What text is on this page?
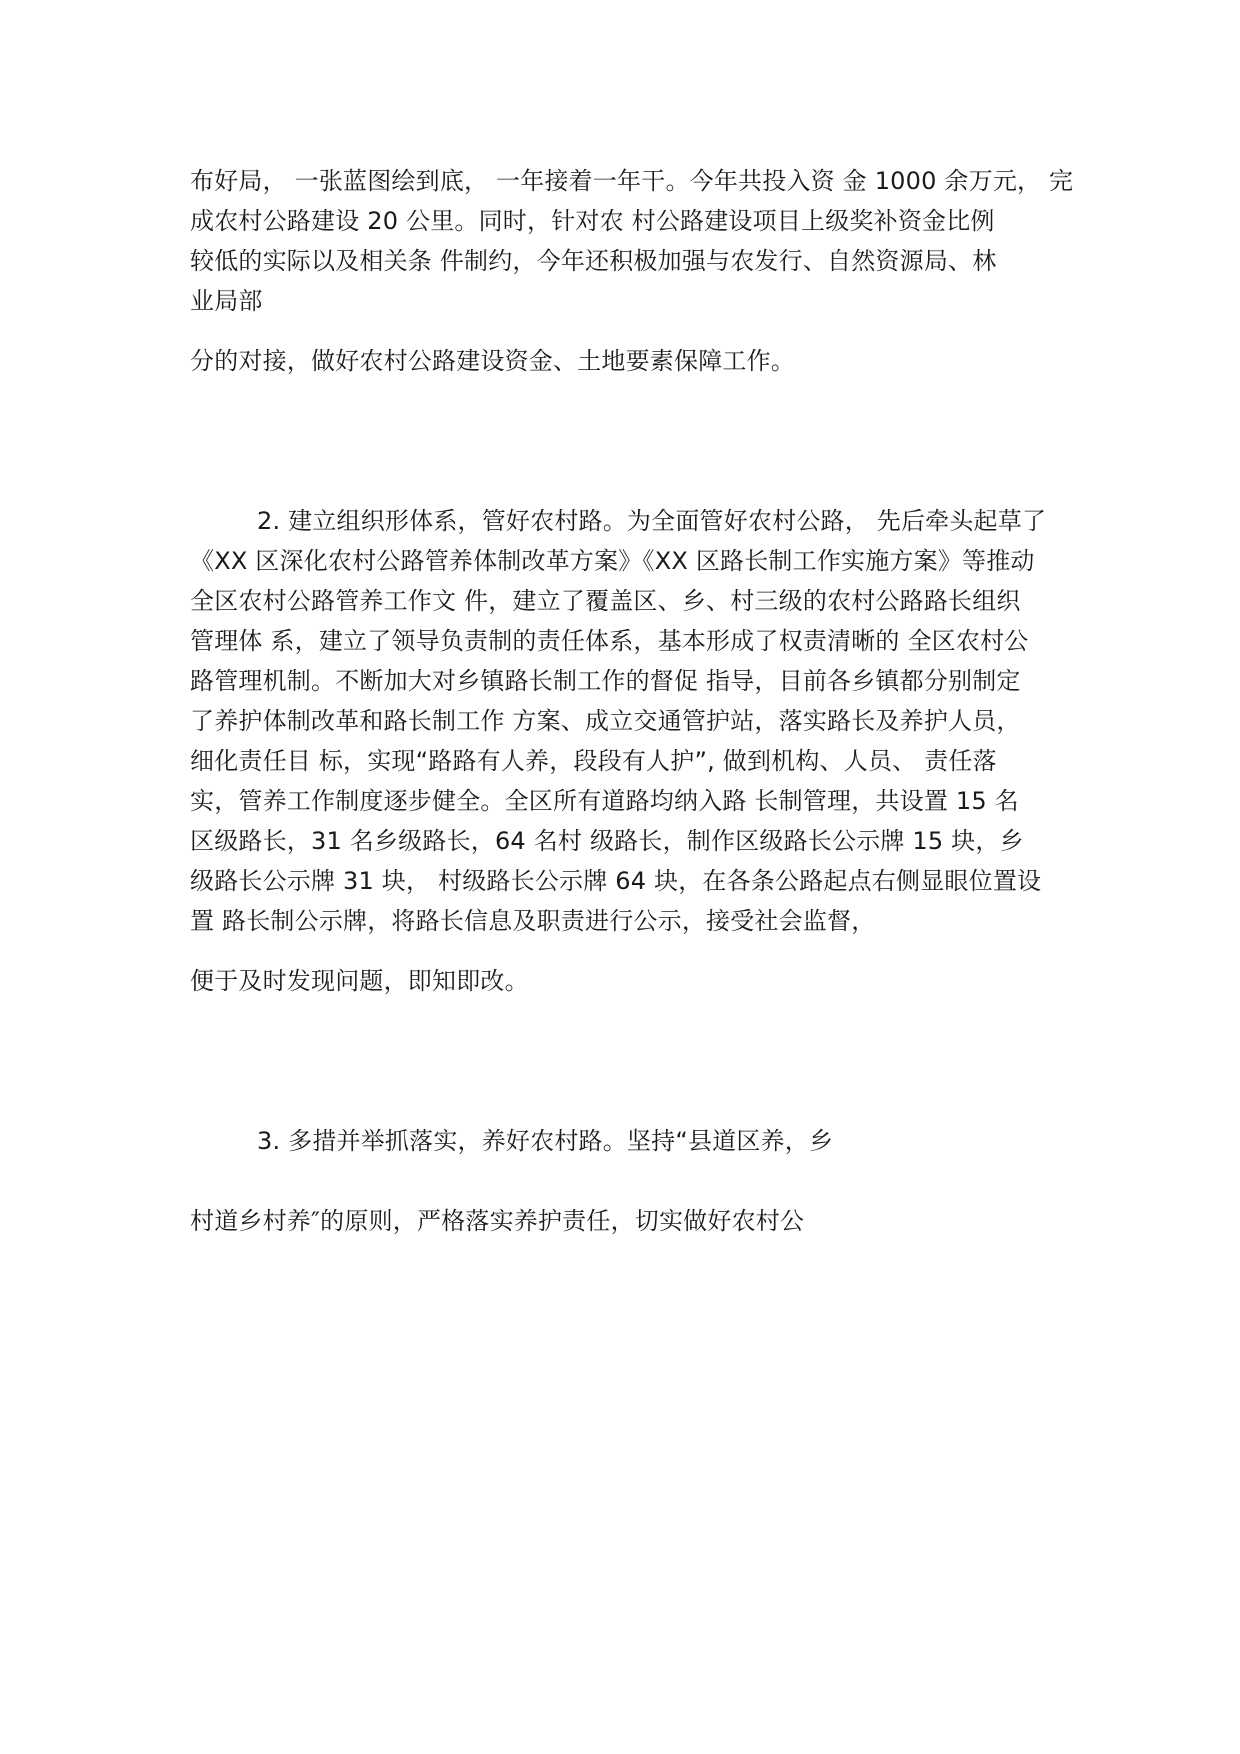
布好局， 一张蓝图绘到底， 一年接着一年干。今年共投入资 金 1000 余万元， 完
成农村公路建设 20 公里。同时，针对农 村公路建设项目上级奖补资金比例
较低的实际以及相关条 件制约，今年还积极加强与农发行、自然资源局、林
业局部
分的对接，做好农村公路建设资金、土地要素保障工作。
2. 建立组织形体系，管好农村路。为全面管好农村公路， 先后牵头起草了
《XX 区深化农村公路管养体制改革方案》《XX 区路长制工作实施方案》等推动
全区农村公路管养工作文 件，建立了覆盖区、乡、村三级的农村公路路长组织
管理体 系，建立了领导负责制的责任体系，基本形成了权责清晰的 全区农村公
路管理机制。不断加大对乡镇路长制工作的督促 指导，目前各乡镇都分别制定
了养护体制改革和路长制工作 方案、成立交通管护站，落实路长及养护人员，
细化责任目 标，实现“路路有人养，段段有人护”, 做到机构、人员、 责任落
实，管养工作制度逐步健全。全区所有道路均纳入路 长制管理，共设置 15 名
区级路长，31 名乡级路长，64 名村 级路长，制作区级路长公示牌 15 块，乡
级路长公示牌 31 块， 村级路长公示牌 64 块，在各条公路起点右侧显眼位置设
置 路长制公示牌，将路长信息及职责进行公示，接受社会监督，
便于及时发现问题，即知即改。
3. 多措并举抓落实，养好农村路。坚持“县道区养，乡
村道乡村养″的原则，严格落实养护责任，切实做好农村公
